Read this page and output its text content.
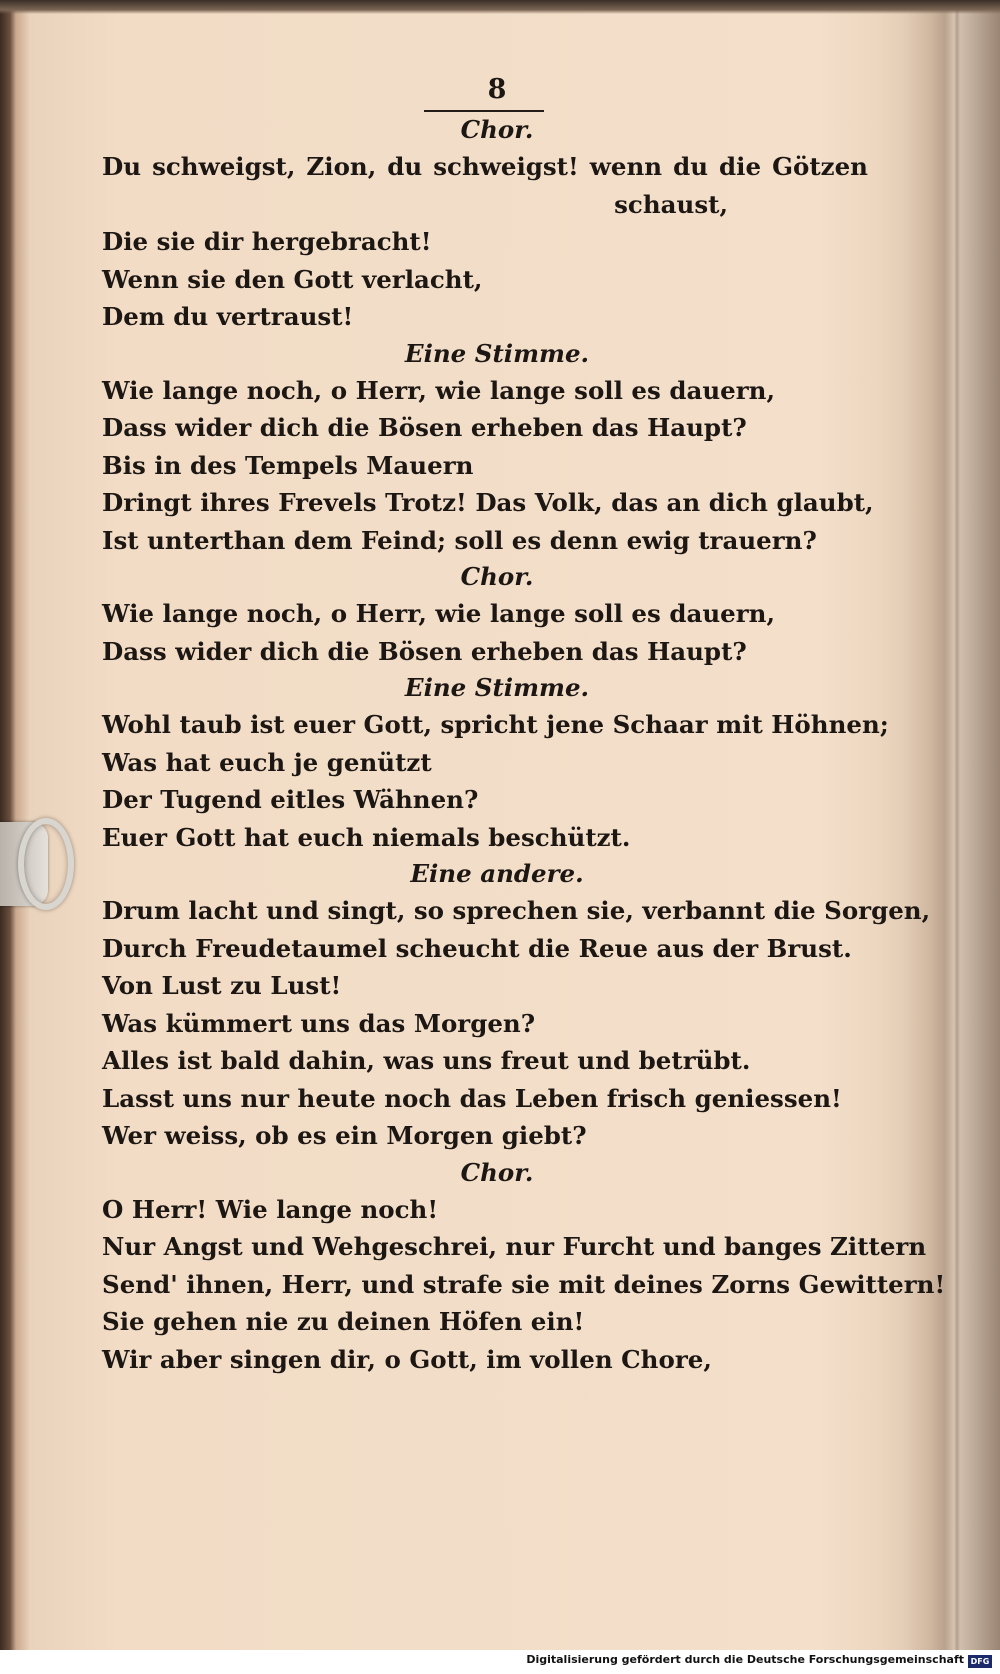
8
Chor.
Du schweigst, Zion, du schweigst! wenn du die Götzen
schaust,
Die sie dir hergebracht!
Wenn sie den Gott verlacht,
Dem du vertraust!
Eine Stimme.
Wie lange noch, o Herr, wie lange soll es dauern,
Dass wider dich die Bösen erheben das Haupt?
Bis in des Tempels Mauern
Dringt ihres Frevels Trotz! Das Volk, das an dich glaubt,
Ist unterthan dem Feind; soll es denn ewig trauern?
Chor.
Wie lange noch, o Herr, wie lange soll es dauern,
Dass wider dich die Bösen erheben das Haupt?
Eine Stimme.
Wohl taub ist euer Gott, spricht jene Schaar mit Höhnen;
Was hat euch je genützt
Der Tugend eitles Wähnen?
Euer Gott hat euch niemals beschützt.
Eine andere.
Drum lacht und singt, so sprechen sie, verbannt die Sorgen,
Durch Freudetaumel scheucht die Reue aus der Brust.
Von Lust zu Lust!
Was kümmert uns das Morgen?
Alles ist bald dahin, was uns freut und betrübt.
Lasst uns nur heute noch das Leben frisch geniessen!
Wer weiss, ob es ein Morgen giebt?
Chor.
O Herr! Wie lange noch!
Nur Angst und Wehgeschrei, nur Furcht und banges Zittern
Send' ihnen, Herr, und strafe sie mit deines Zorns Gewittern!
Sie gehen nie zu deinen Höfen ein!
Wir aber singen dir, o Gott, im vollen Chore,
Digitalisierung gefördert durch die Deutsche Forschungsgemeinschaft DFG
